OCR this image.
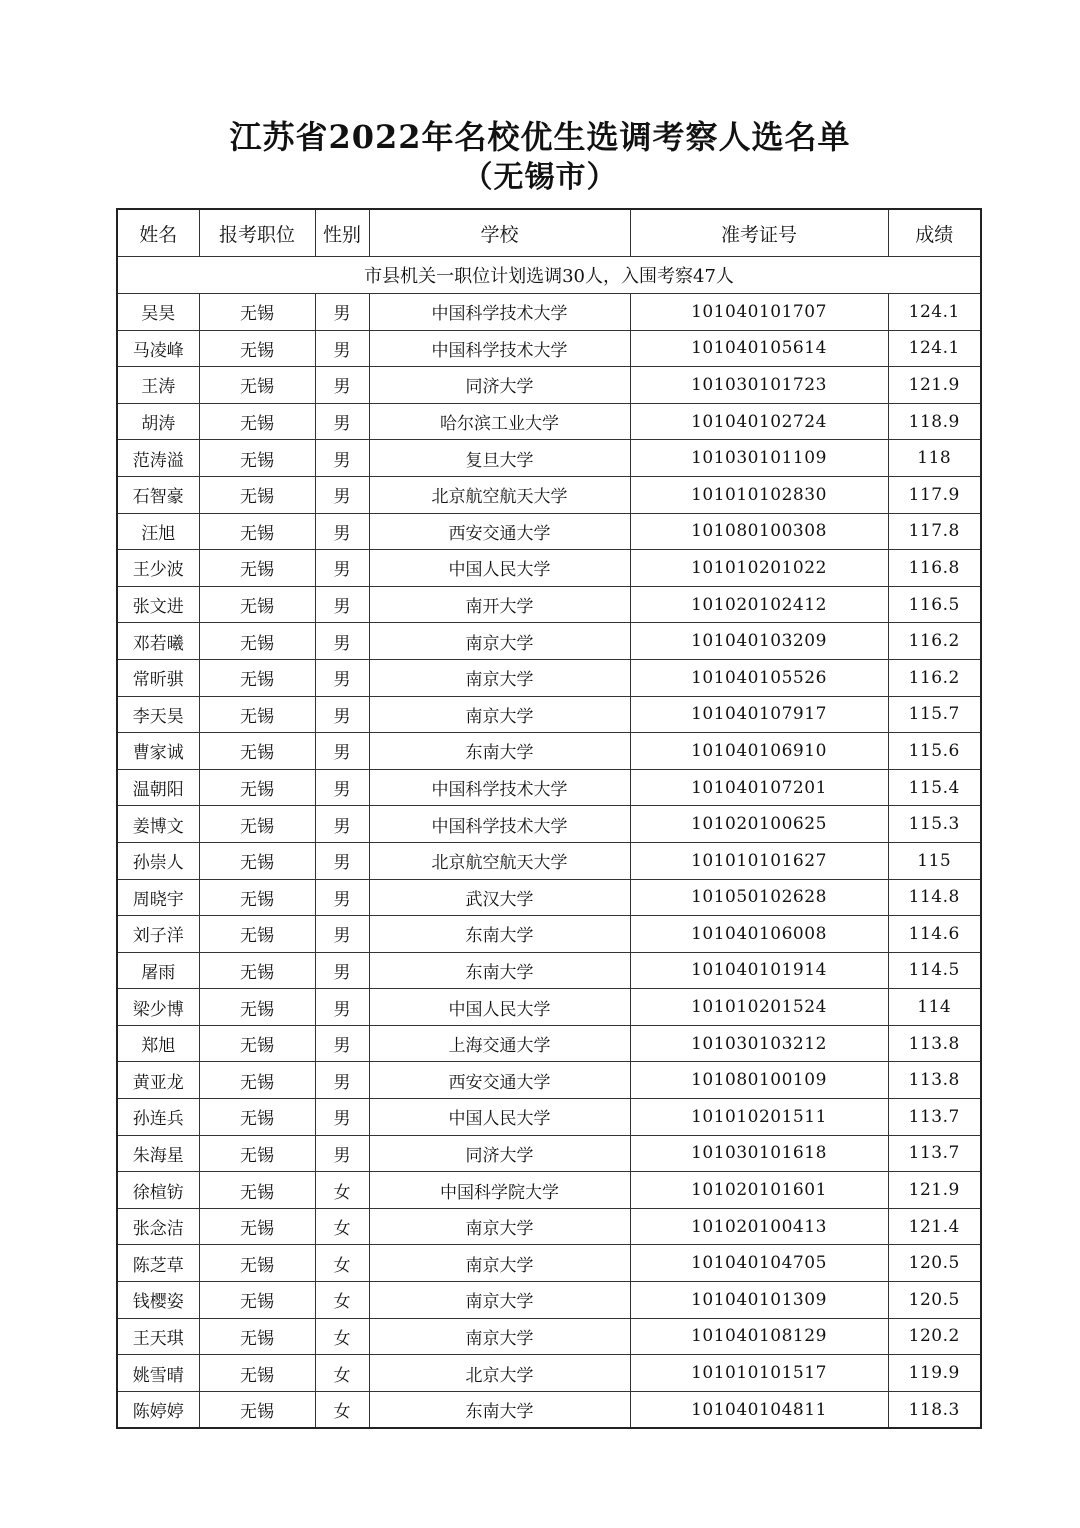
江苏省2022年名校优生选调考察人选名单
（无锡市）
姓名	报考职位	性别	学校	准考证号	成绩
市县机关一职位计划选调30人，入围考察47人					
吴昊	无锡	男	中国科学技术大学	101040101707	124.1
马凌峰	无锡	男	中国科学技术大学	101040105614	124.1
王涛	无锡	男	同济大学	101030101723	121.9
胡涛	无锡	男	哈尔滨工业大学	101040102724	118.9
范涛溢	无锡	男	复旦大学	101030101109	118
石智豪	无锡	男	北京航空航天大学	101010102830	117.9
汪旭	无锡	男	西安交通大学	101080100308	117.8
王少波	无锡	男	中国人民大学	101010201022	116.8
张文进	无锡	男	南开大学	101020102412	116.5
邓若曦	无锡	男	南京大学	101040103209	116.2
常昕骐	无锡	男	南京大学	101040105526	116.2
李天昊	无锡	男	南京大学	101040107917	115.7
曹家诚	无锡	男	东南大学	101040106910	115.6
温朝阳	无锡	男	中国科学技术大学	101040107201	115.4
姜博文	无锡	男	中国科学技术大学	101020100625	115.3
孙崇人	无锡	男	北京航空航天大学	101010101627	115
周晓宇	无锡	男	武汉大学	101050102628	114.8
刘子洋	无锡	男	东南大学	101040106008	114.6
屠雨	无锡	男	东南大学	101040101914	114.5
梁少博	无锡	男	中国人民大学	101010201524	114
郑旭	无锡	男	上海交通大学	101030103212	113.8
黄亚龙	无锡	男	西安交通大学	101080100109	113.8
孙连兵	无锡	男	中国人民大学	101010201511	113.7
朱海星	无锡	男	同济大学	101030101618	113.7
徐楦钫	无锡	女	中国科学院大学	101020101601	121.9
张念洁	无锡	女	南京大学	101020100413	121.4
陈芝草	无锡	女	南京大学	101040104705	120.5
钱樱姿	无锡	女	南京大学	101040101309	120.5
王天琪	无锡	女	南京大学	101040108129	120.2
姚雪晴	无锡	女	北京大学	101010101517	119.9
陈婷婷	无锡	女	东南大学	101040104811	118.3
